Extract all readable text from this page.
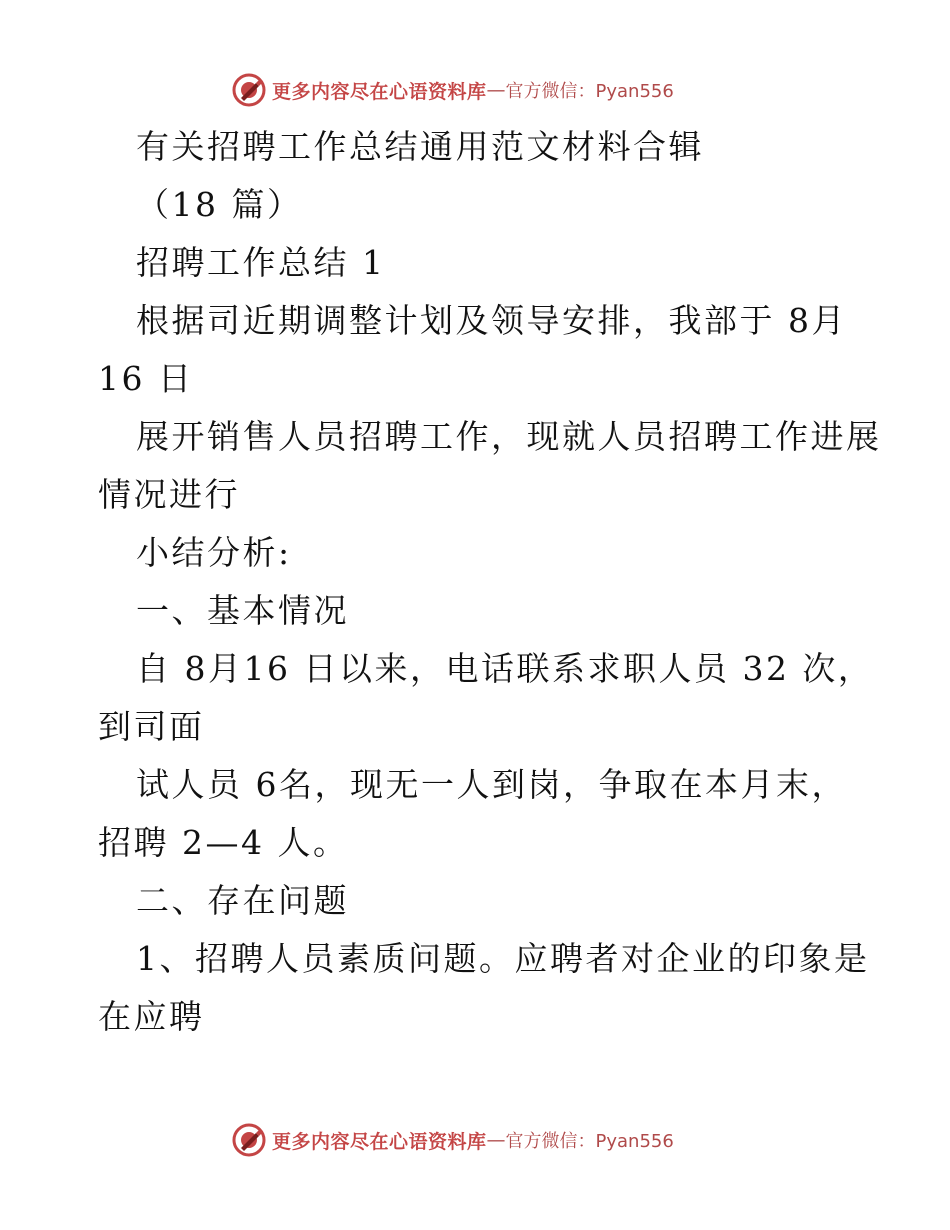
更多内容尽在心语资料库 — 官方微信：Pyan556
有关招聘工作总结通用范文材料合辑
（18 篇）
招聘工作总结 1
根据司近期调整计划及领导安排，我部于 8月
16 日
展开销售人员招聘工作，现就人员招聘工作进展
情况进行
小结分析:
一、基本情况
自 8月16 日以来，电话联系求职人员 32 次，
到司面
试人员 6名，现无一人到岗，争取在本月末，
招聘 2—4 人。
二、存在问题
1、招聘人员素质问题。应聘者对企业的印象是
在应聘
更多内容尽在心语资料库 — 官方微信：Pyan556
